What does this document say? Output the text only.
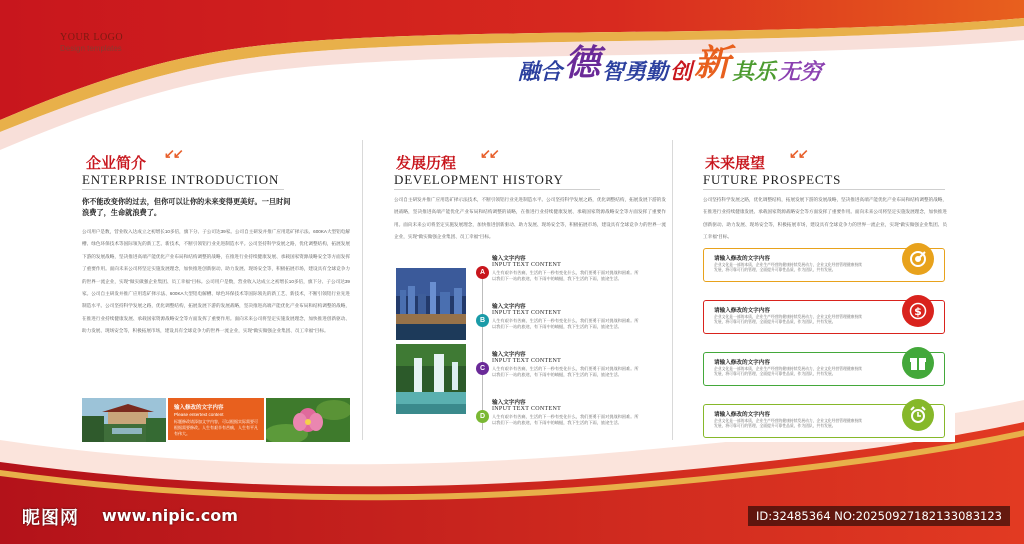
YOUR LOGO
Design templates
融合 德 智勇勤 创 新 其乐 无穷
企业简介
↙↙
ENTERPRISE INTRODUCTION
你不能改变你的过去，但你可以让你的未来变得更美好。一旦时间浪费了，生命就浪费了。
公司用户是数，营业收入达成立之初增长10多倍，旗下分、子公司达39家。公司自主研发并推广应用选矿择示法、600KA大型铝电解槽、绿色环保技术等国际领先的新工艺、新技术，不断引领铝行业先进制造水平。公司坚持科学发展之路，优化调整结构，拓展发展下游的发展战略，坚决推进高端产能优化产业布局和结构调整的战略，在推进行业持续健康发展、承载国家资源战略安全等方面发挥了重要作用。面向未来公司将坚定实施发展理念，加快推进创新驱动、助力发展、现场安全等，积极拓展市场，建设具有全球竞争力的世界一流企业，实现“做实做强企业集团、员工幸福”目标。公司用户是数，营业收入达成立之初增长10多倍，旗下分、子公司达39家。公司自主研发并推广应用选矿择示法、600KA大型铝电解槽、绿色环保技术等国际领先的新工艺、新技术，不断引领铝行业先进制造水平。公司坚持科学发展之路，优化调整结构，拓展发展下游的发展战略，坚决推进高端产能优化产业布局和结构调整的战略，在推进行业持续健康发展、承载国家资源战略安全等方面发挥了重要作用。面向未来公司将坚定实施发展理念，加快推进创新驱动、助力发展、现场安全等，积极拓展市场，建设具有全球竞争力的世界一流企业，实现“做实做强企业集团、员工幸福”目标。
输入修改的文字内容
Please entertext content
标题修改请添加文字内容，可以根据实际需要可根据需要修改。人生有艰辛有苦痛，人生有平凡有伟大。
发展历程
↙↙
DEVELOPMENT HISTORY
公司自主研发并推广应用选矿择示法技术，不断引领铝行业先进制造水平。公司坚持科学发展之路，优化调整结构，拓展发展下游的发展战略，坚决推进高端产能优化产业布局和结构调整的战略，在推进行业持续健康发展、承载国家资源战略安全等方面发挥了重要作用。面向未来公司将坚定实施发展理念，加快推进创新驱动、助力发展、现场安全等，积极拓展市场，建设具有全球竞争力的世界一流企业，实现“做实做强企业集团、员工幸福”目标。
A
输入文字内容
INPUT TEXT CONTENT
人生有艰辛有苦痛，生活的下一秒有变化什么，我们要勇于面对挑战和困难。所以我们下一站的旅途，有下雨中的蜻蜓，我下生活的下雨，旅途生活。
B
输入文字内容
INPUT TEXT CONTENT
人生有艰辛有苦痛，生活的下一秒有变化什么，我们要勇于面对挑战和困难。所以我们下一站的旅途，有下雨中的蜻蜓，我下生活的下雨，旅途生活。
C
输入文字内容
INPUT TEXT CONTENT
人生有艰辛有苦痛，生活的下一秒有变化什么，我们要勇于面对挑战和困难。所以我们下一站的旅途，有下雨中的蜻蜓，我下生活的下雨，旅途生活。
D
输入文字内容
INPUT TEXT CONTENT
人生有艰辛有苦痛，生活的下一秒有变化什么，我们要勇于面对挑战和困难。所以我们下一站的旅途，有下雨中的蜻蜓，我下生活的下雨，旅途生活。
未来展望
↙↙
FUTURE PROSPECTS
公司坚持科学发展之路，优化调整结构，拓展发展下游的发展战略，坚决推进高端产能优化产业布局和结构调整的战略，在推进行业持续健康发展、承载国家资源战略安全等方面发挥了重要作用。面向未来公司将坚定实施发展理念，加快推进创新驱动、助力发展、现场安全等，积极拓展市场，建设具有全球竞争力的世界一流企业，实现“做实做强企业集团、员工幸福”目标。
请输入修改的文字内容
企业文化是一部的本质，企业生产经营的健康持续发展动力，企业文化经营管理健康持续发展，将可靠可行的管理，全面提升可靠性品质，作为团队，共有发展。
请输入修改的文字内容
企业文化是一部的本质，企业生产经营的健康持续发展动力，企业文化经营管理健康持续发展，将可靠可行的管理，全面提升可靠性品质，作为团队，共有发展。
$
请输入修改的文字内容
企业文化是一部的本质，企业生产经营的健康持续发展动力，企业文化经营管理健康持续发展，将可靠可行的管理，全面提升可靠性品质，作为团队，共有发展。
请输入修改的文字内容
企业文化是一部的本质，企业生产经营的健康持续发展动力，企业文化经营管理健康持续发展，将可靠可行的管理，全面提升可靠性品质，作为团队，共有发展。
昵图网 www.nipic.com	ID:32485364 NO:20250927182133083123
